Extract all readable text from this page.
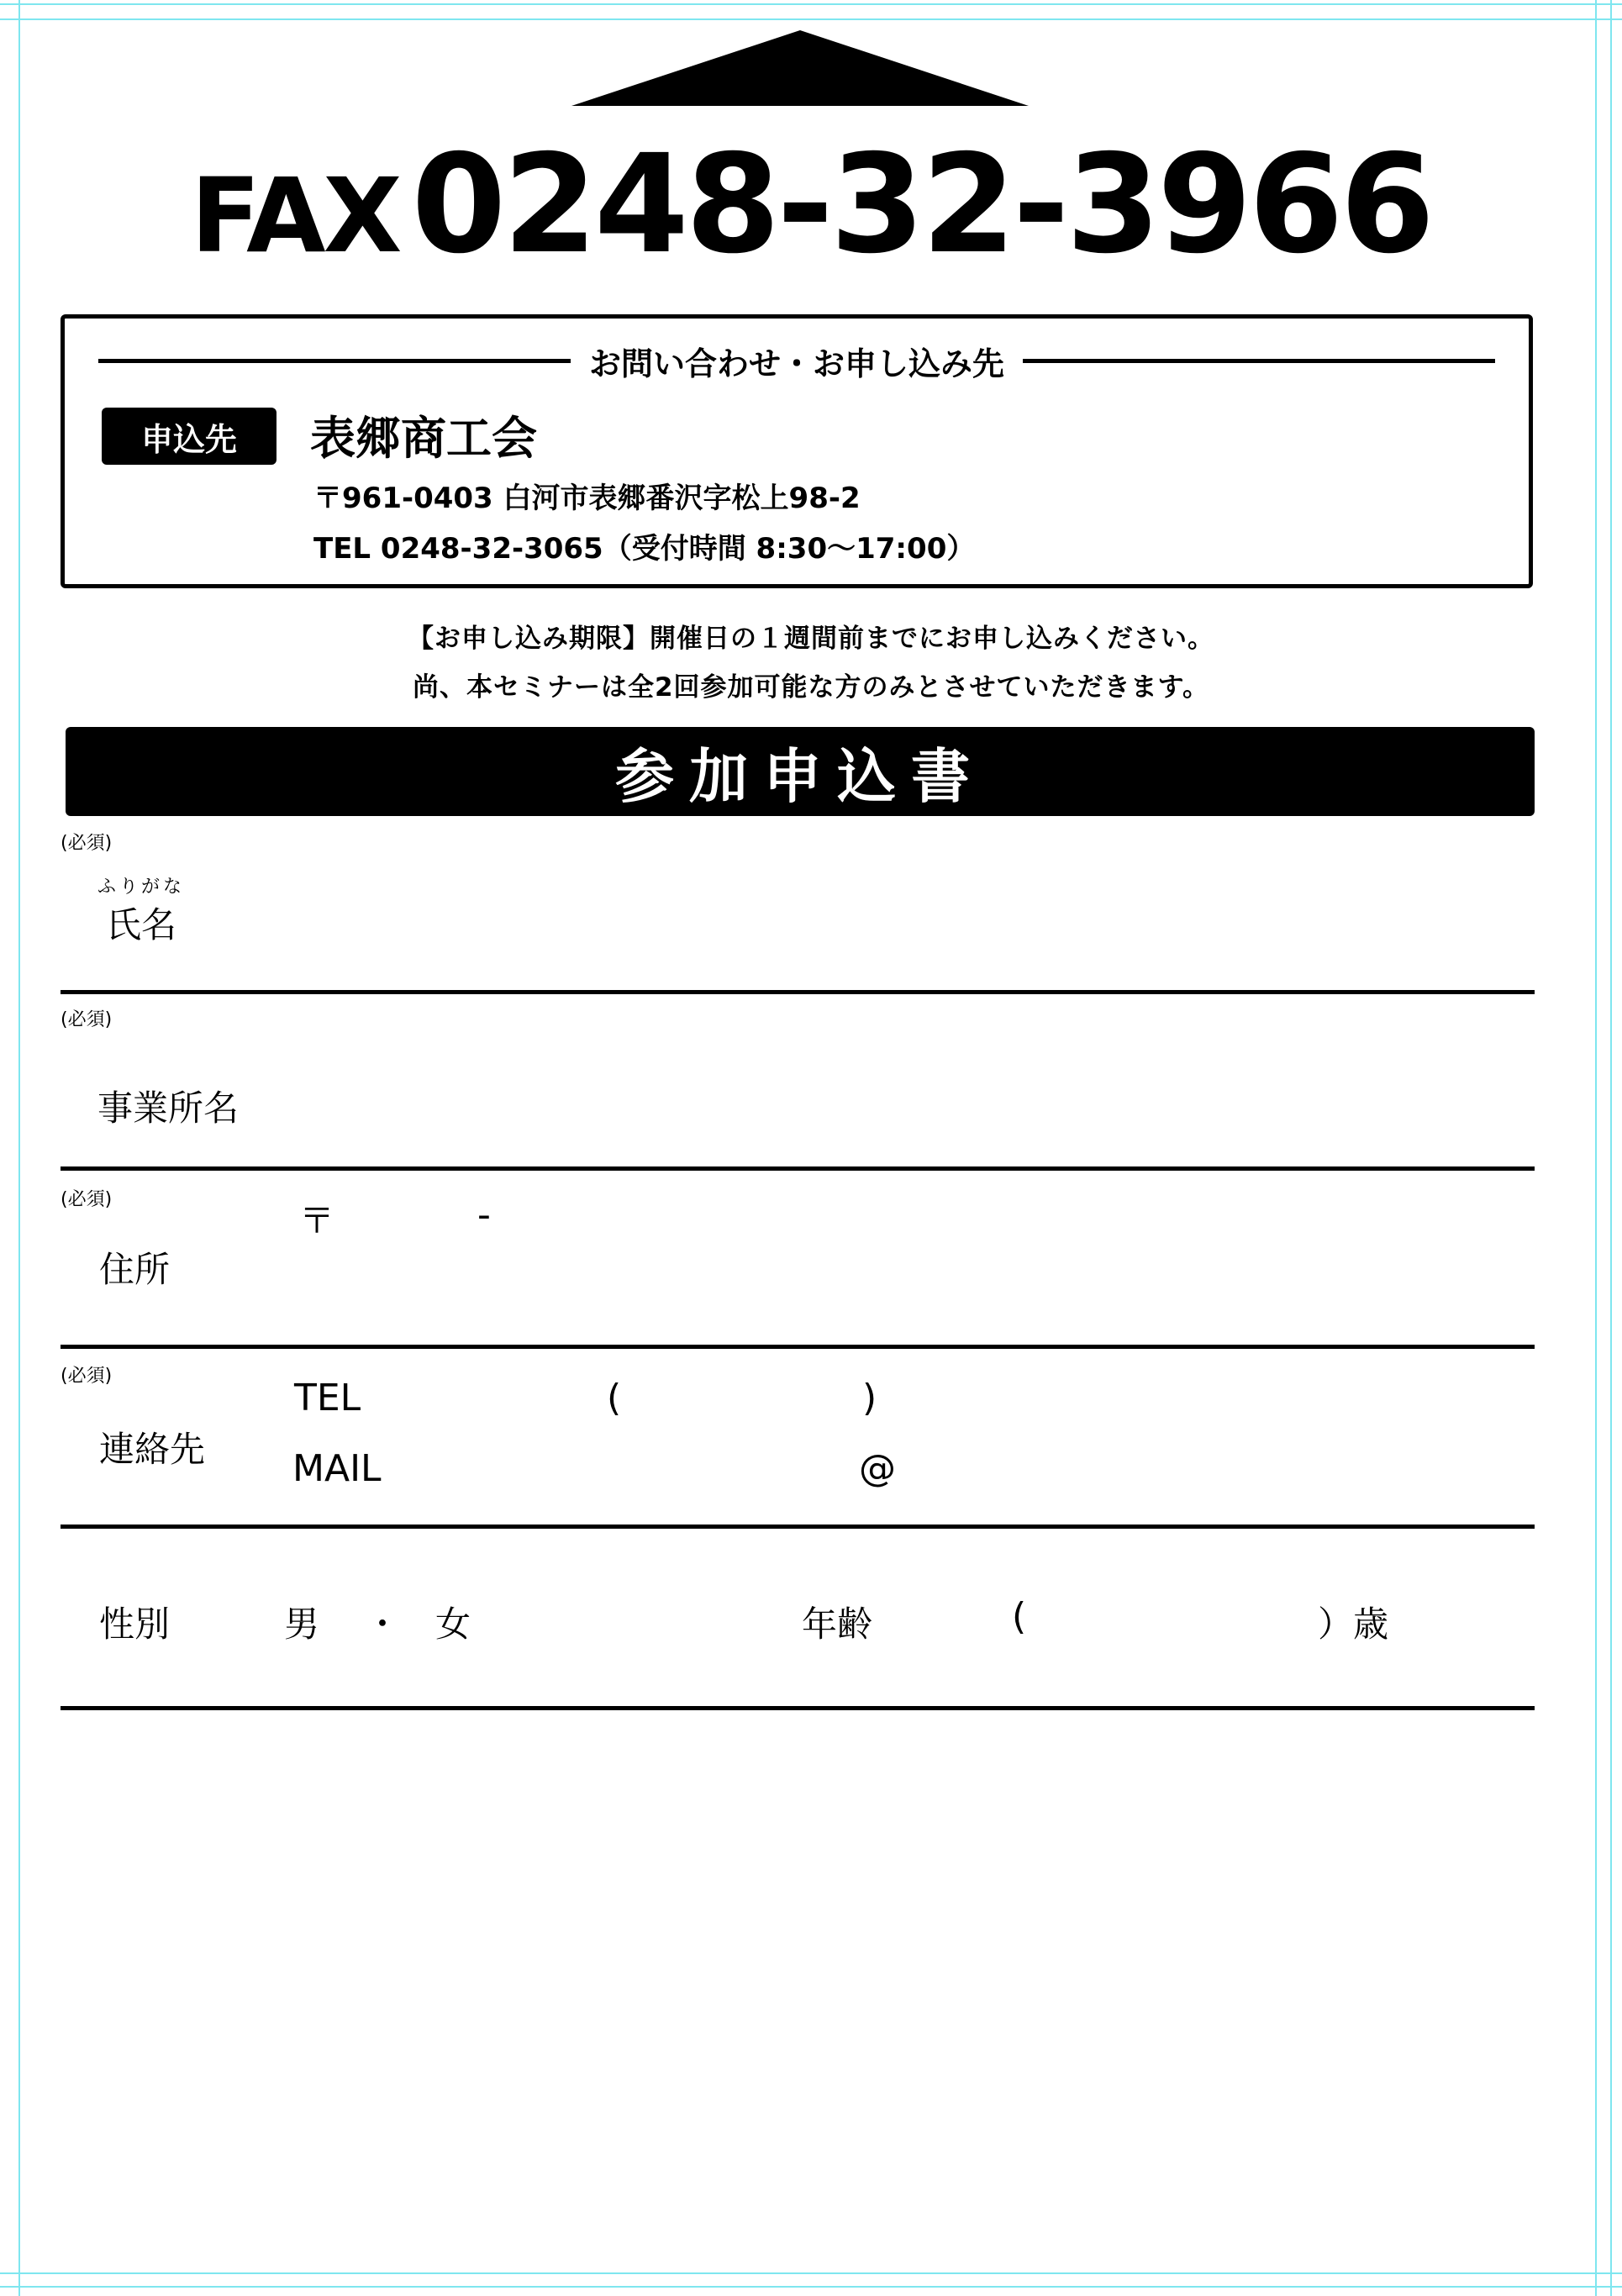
FAX0248-32-3966
お問い合わせ・お申し込み先
申込先	表郷商工会
〒961-0403 白河市表郷番沢字松上98-2
TEL 0248-32-3065（受付時間 8:30〜17:00）
【お申し込み期限】開催日の１週間前までにお申し込みください。
尚、本セミナーは全2回参加可能な方のみとさせていただきます。
参加申込書
(必須)
ふりがな
氏名
(必須)
事業所名
(必須)
〒	-
住所
(必須)
連絡先
TEL	(	)
MAIL	@
性別	男 ・ 女	年齢	(	）歳
